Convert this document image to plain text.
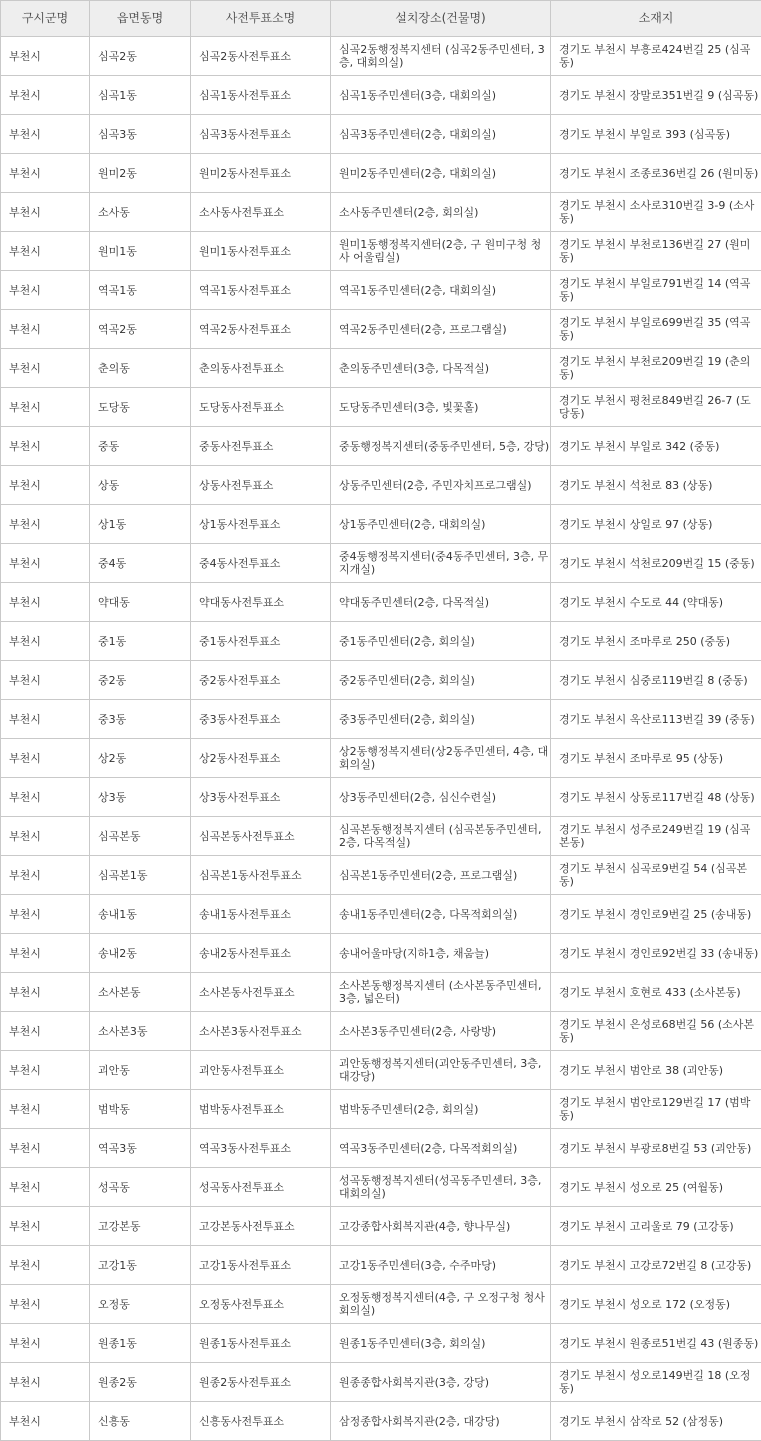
구시군명	읍면동명	사전투표소명	설치장소(건물명)	소재지
부천시	심곡2동	심곡2동사전투표소	심곡2동행정복지센터 (심곡2동주민센터, 3층, 대회의실)	경기도 부천시 부흥로424번길 25 (심곡동)
부천시	심곡1동	심곡1동사전투표소	심곡1동주민센터(3층, 대회의실)	경기도 부천시 장말로351번길 9 (심곡동)
부천시	심곡3동	심곡3동사전투표소	심곡3동주민센터(2층, 대회의실)	경기도 부천시 부일로 393 (심곡동)
부천시	원미2동	원미2동사전투표소	원미2동주민센터(2층, 대회의실)	경기도 부천시 조종로36번길 26 (원미동)
부천시	소사동	소사동사전투표소	소사동주민센터(2층, 회의실)	경기도 부천시 소사로310번길 3-9 (소사동)
부천시	원미1동	원미1동사전투표소	원미1동행정복지센터(2층, 구 원미구청 청사 어울림실)	경기도 부천시 부천로136번길 27 (원미동)
부천시	역곡1동	역곡1동사전투표소	역곡1동주민센터(2층, 대회의실)	경기도 부천시 부일로791번길 14 (역곡동)
부천시	역곡2동	역곡2동사전투표소	역곡2동주민센터(2층, 프로그램실)	경기도 부천시 부일로699번길 35 (역곡동)
부천시	춘의동	춘의동사전투표소	춘의동주민센터(3층, 다목적실)	경기도 부천시 부천로209번길 19 (춘의동)
부천시	도당동	도당동사전투표소	도당동주민센터(3층, 빛꽃홀)	경기도 부천시 평천로849번길 26-7 (도당동)
부천시	중동	중동사전투표소	중동행정복지센터(중동주민센터, 5층, 강당)	경기도 부천시 부일로 342 (중동)
부천시	상동	상동사전투표소	상동주민센터(2층, 주민자치프로그램실)	경기도 부천시 석천로 83 (상동)
부천시	상1동	상1동사전투표소	상1동주민센터(2층, 대회의실)	경기도 부천시 상일로 97 (상동)
부천시	중4동	중4동사전투표소	중4동행정복지센터(중4동주민센터, 3층, 무지개실)	경기도 부천시 석천로209번길 15 (중동)
부천시	약대동	약대동사전투표소	약대동주민센터(2층, 다목적실)	경기도 부천시 수도로 44 (약대동)
부천시	중1동	중1동사전투표소	중1동주민센터(2층, 회의실)	경기도 부천시 조마루로 250 (중동)
부천시	중2동	중2동사전투표소	중2동주민센터(2층, 회의실)	경기도 부천시 심중로119번길 8 (중동)
부천시	중3동	중3동사전투표소	중3동주민센터(2층, 회의실)	경기도 부천시 옥산로113번길 39 (중동)
부천시	상2동	상2동사전투표소	상2동행정복지센터(상2동주민센터, 4층, 대회의실)	경기도 부천시 조마루로 95 (상동)
부천시	상3동	상3동사전투표소	상3동주민센터(2층, 심신수련실)	경기도 부천시 상동로117번길 48 (상동)
부천시	심곡본동	심곡본동사전투표소	심곡본동행정복지센터 (심곡본동주민센터, 2층, 다목적실)	경기도 부천시 성주로249번길 19 (심곡본동)
부천시	심곡본1동	심곡본1동사전투표소	심곡본1동주민센터(2층, 프로그램실)	경기도 부천시 심곡로9번길 54 (심곡본동)
부천시	송내1동	송내1동사전투표소	송내1동주민센터(2층, 다목적회의실)	경기도 부천시 경인로9번길 25 (송내동)
부천시	송내2동	송내2동사전투표소	송내어울마당(지하1층, 채움늘)	경기도 부천시 경인로92번길 33 (송내동)
부천시	소사본동	소사본동사전투표소	소사본동행정복지센터 (소사본동주민센터, 3층, 넓은터)	경기도 부천시 호현로 433 (소사본동)
부천시	소사본3동	소사본3동사전투표소	소사본3동주민센터(2층, 사랑방)	경기도 부천시 은성로68번길 56 (소사본동)
부천시	괴안동	괴안동사전투표소	괴안동행정복지센터(괴안동주민센터, 3층, 대강당)	경기도 부천시 범안로 38 (괴안동)
부천시	범박동	범박동사전투표소	범박동주민센터(2층, 회의실)	경기도 부천시 범안로129번길 17 (범박동)
부천시	역곡3동	역곡3동사전투표소	역곡3동주민센터(2층, 다목적회의실)	경기도 부천시 부광로8번길 53 (괴안동)
부천시	성곡동	성곡동사전투표소	성곡동행정복지센터(성곡동주민센터, 3층, 대회의실)	경기도 부천시 성오로 25 (여월동)
부천시	고강본동	고강본동사전투표소	고강종합사회복지관(4층, 향나무실)	경기도 부천시 고리울로 79 (고강동)
부천시	고강1동	고강1동사전투표소	고강1동주민센터(3층, 수주마당)	경기도 부천시 고강로72번길 8 (고강동)
부천시	오정동	오정동사전투표소	오정동행정복지센터(4층, 구 오정구청 청사 회의실)	경기도 부천시 성오로 172 (오정동)
부천시	원종1동	원종1동사전투표소	원종1동주민센터(3층, 회의실)	경기도 부천시 원종로51번길 43 (원종동)
부천시	원종2동	원종2동사전투표소	원종종합사회복지관(3층, 강당)	경기도 부천시 성오로149번길 18 (오정동)
부천시	신흥동	신흥동사전투표소	삼정종합사회복지관(2층, 대강당)	경기도 부천시 삼작로 52 (삼정동)
